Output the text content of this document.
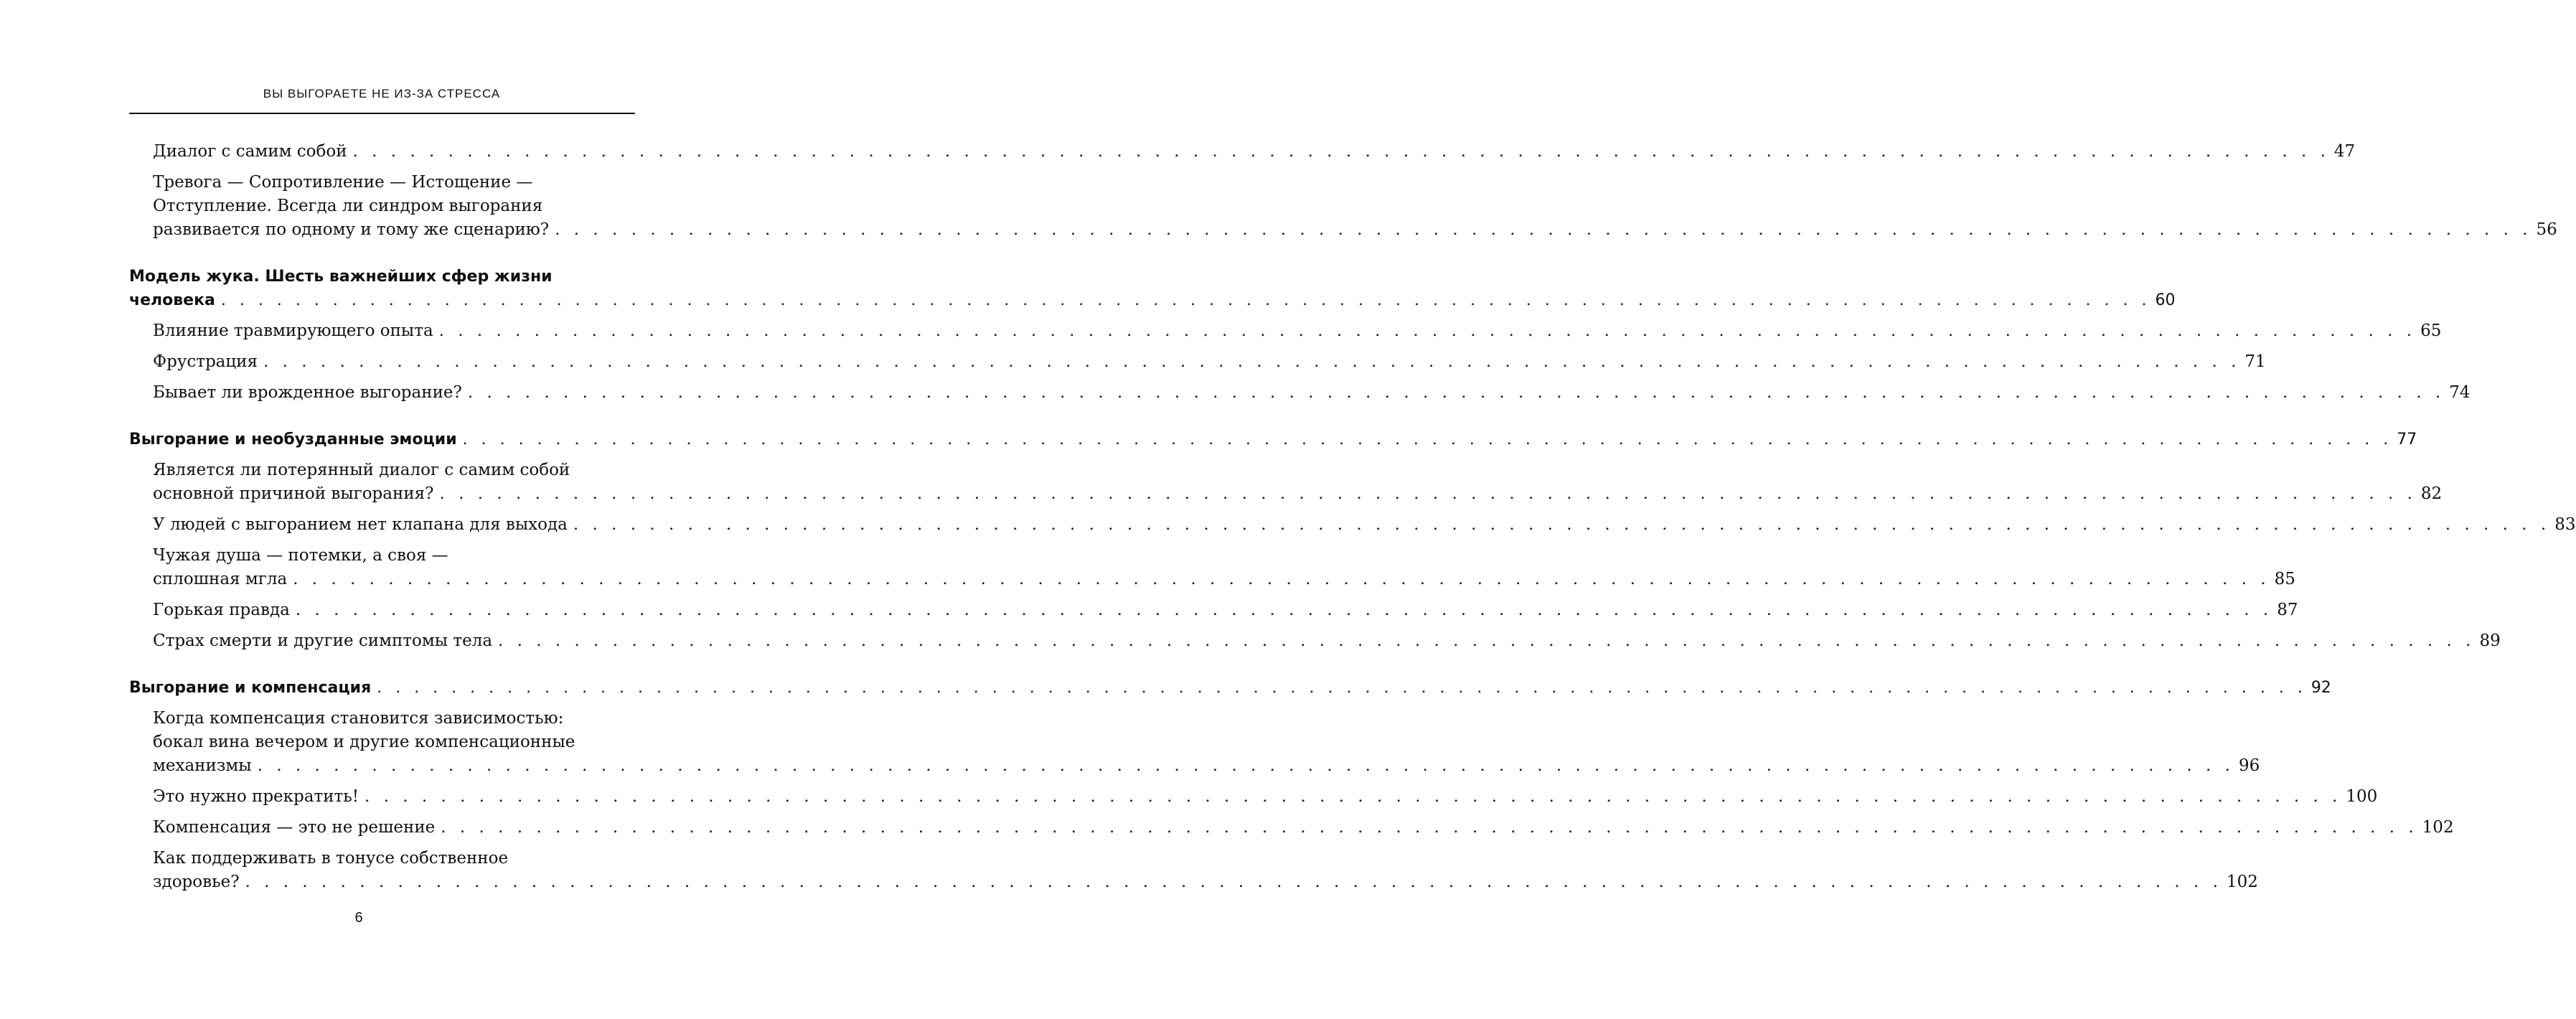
ВЫ ВЫГОРАЕТЕ НЕ ИЗ-ЗА СТРЕССА
Диалог с самим собой . . . . . . . . . . . . . . . . . . . . . . . . . . . . . . . . . . . . . . . . . . . . . . . . . . . . . . . . . . . . . . . . . . . . . . . . . . . . . . . . . . . . . . . . . . . . . . . . . . . . . . . . 47
Тревога — Сопротивление — Истощение —
Отступление. Всегда ли синдром выгорания
развивается по одному и тому же сценарию? . . . . . . . . . . . . . . . . . . . . . . . . . . . . . . . . . . . . . . . . . . . . . . . . . . . . . . . . . . . . . . . . . . . . . . . . . . . . . . . . . . . . . . . . . . . . . . . . . . . . . . . . 56
Модель жука. Шесть важнейших сфер жизни
человека . . . . . . . . . . . . . . . . . . . . . . . . . . . . . . . . . . . . . . . . . . . . . . . . . . . . . . . . . . . . . . . . . . . . . . . . . . . . . . . . . . . . . . . . . . . . . . . . . . . . . . . . 60
Влияние травмирующего опыта . . . . . . . . . . . . . . . . . . . . . . . . . . . . . . . . . . . . . . . . . . . . . . . . . . . . . . . . . . . . . . . . . . . . . . . . . . . . . . . . . . . . . . . . . . . . . . . . . . . . . . . . 65
Фрустрация . . . . . . . . . . . . . . . . . . . . . . . . . . . . . . . . . . . . . . . . . . . . . . . . . . . . . . . . . . . . . . . . . . . . . . . . . . . . . . . . . . . . . . . . . . . . . . . . . . . . . . . . 71
Бывает ли врожденное выгорание? . . . . . . . . . . . . . . . . . . . . . . . . . . . . . . . . . . . . . . . . . . . . . . . . . . . . . . . . . . . . . . . . . . . . . . . . . . . . . . . . . . . . . . . . . . . . . . . . . . . . . . . . 74
Выгорание и необузданные эмоции . . . . . . . . . . . . . . . . . . . . . . . . . . . . . . . . . . . . . . . . . . . . . . . . . . . . . . . . . . . . . . . . . . . . . . . . . . . . . . . . . . . . . . . . . . . . . . . . . . . . . . . . 77
Является ли потерянный диалог с самим собой
основной причиной выгорания? . . . . . . . . . . . . . . . . . . . . . . . . . . . . . . . . . . . . . . . . . . . . . . . . . . . . . . . . . . . . . . . . . . . . . . . . . . . . . . . . . . . . . . . . . . . . . . . . . . . . . . . . 82
У людей с выгоранием нет клапана для выхода . . . . . . . . . . . . . . . . . . . . . . . . . . . . . . . . . . . . . . . . . . . . . . . . . . . . . . . . . . . . . . . . . . . . . . . . . . . . . . . . . . . . . . . . . . . . . . . . . . . . . . . . 83
Чужая душа — потемки, а своя —
сплошная мгла . . . . . . . . . . . . . . . . . . . . . . . . . . . . . . . . . . . . . . . . . . . . . . . . . . . . . . . . . . . . . . . . . . . . . . . . . . . . . . . . . . . . . . . . . . . . . . . . . . . . . . . . 85
Горькая правда . . . . . . . . . . . . . . . . . . . . . . . . . . . . . . . . . . . . . . . . . . . . . . . . . . . . . . . . . . . . . . . . . . . . . . . . . . . . . . . . . . . . . . . . . . . . . . . . . . . . . . . . 87
Страх смерти и другие симптомы тела . . . . . . . . . . . . . . . . . . . . . . . . . . . . . . . . . . . . . . . . . . . . . . . . . . . . . . . . . . . . . . . . . . . . . . . . . . . . . . . . . . . . . . . . . . . . . . . . . . . . . . . . 89
Выгорание и компенсация . . . . . . . . . . . . . . . . . . . . . . . . . . . . . . . . . . . . . . . . . . . . . . . . . . . . . . . . . . . . . . . . . . . . . . . . . . . . . . . . . . . . . . . . . . . . . . . . . . . . . . . . 92
Когда компенсация становится зависимостью:
бокал вина вечером и другие компенсационные
механизмы . . . . . . . . . . . . . . . . . . . . . . . . . . . . . . . . . . . . . . . . . . . . . . . . . . . . . . . . . . . . . . . . . . . . . . . . . . . . . . . . . . . . . . . . . . . . . . . . . . . . . . . . 96
Это нужно прекратить! . . . . . . . . . . . . . . . . . . . . . . . . . . . . . . . . . . . . . . . . . . . . . . . . . . . . . . . . . . . . . . . . . . . . . . . . . . . . . . . . . . . . . . . . . . . . . . . . . . . . . . . . 100
Компенсация — это не решение . . . . . . . . . . . . . . . . . . . . . . . . . . . . . . . . . . . . . . . . . . . . . . . . . . . . . . . . . . . . . . . . . . . . . . . . . . . . . . . . . . . . . . . . . . . . . . . . . . . . . . . . 102
Как поддерживать в тонусе собственное
здоровье? . . . . . . . . . . . . . . . . . . . . . . . . . . . . . . . . . . . . . . . . . . . . . . . . . . . . . . . . . . . . . . . . . . . . . . . . . . . . . . . . . . . . . . . . . . . . . . . . . . . . . . . . 102
6
